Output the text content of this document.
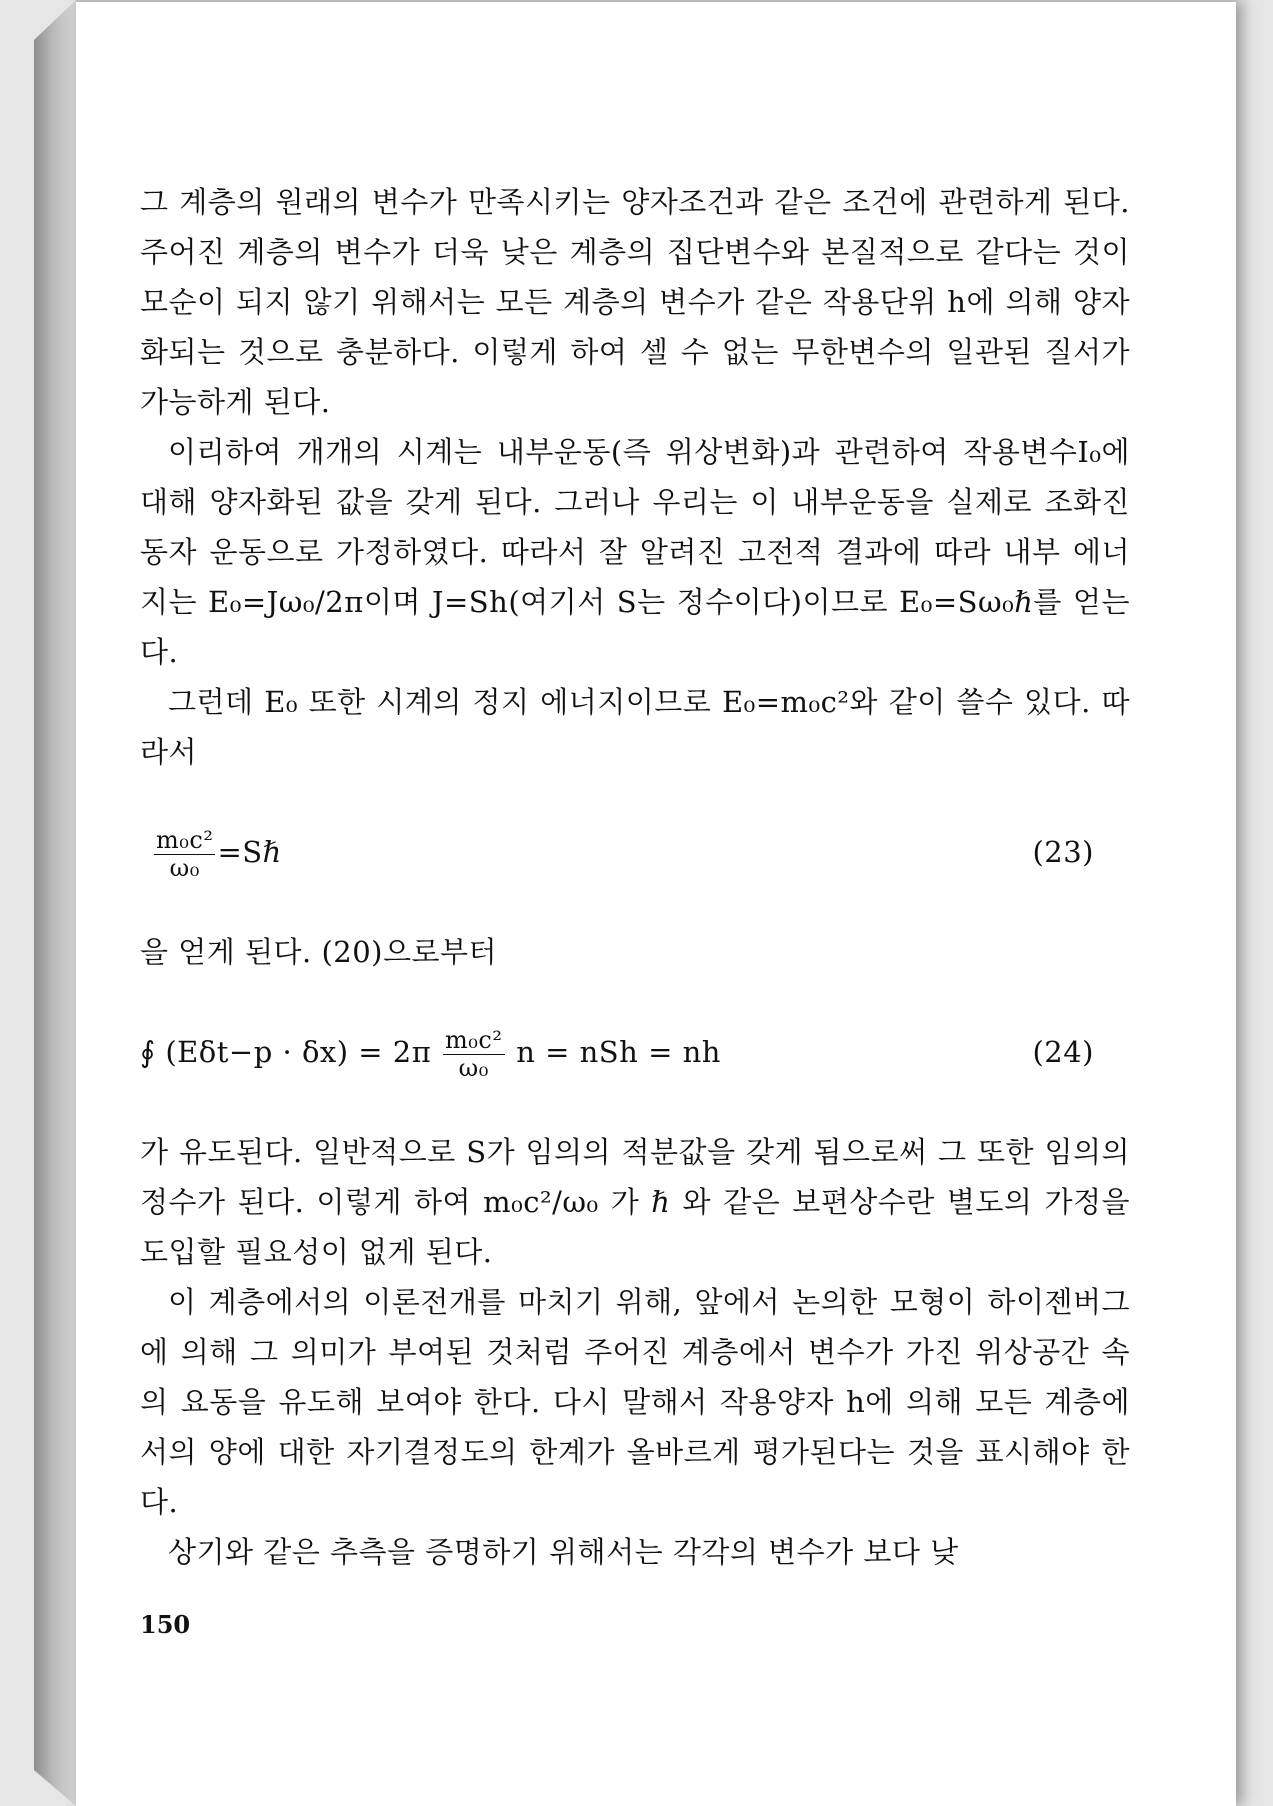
그 계층의 원래의 변수가 만족시키는 양자조건과 같은 조건에 관련하게 된다. 주어진 계층의 변수가 더욱 낮은 계층의 집단변수와 본질적으로 같다는 것이 모순이 되지 않기 위해서는 모든 계층의 변수가 같은 작용단위 h에 의해 양자화되는 것으로 충분하다. 이렇게 하여 셀 수 없는 무한변수의 일관된 질서가 가능하게 된다.

이리하여 개개의 시계는 내부운동(즉 위상변화)과 관련하여 작용변수I₀에 대해 양자화된 값을 갖게 된다. 그러나 우리는 이 내부운동을 실제로 조화진동자 운동으로 가정하였다. 따라서 잘 알려진 고전적 결과에 따라 내부 에너지는 E₀=Jω₀/2π이며 J=Sh(여기서 S는 정수이다)이므로 E₀=Sω₀ℏ를 얻는다.

그런데 E₀ 또한 시계의 정지 에너지이므로 E₀=m₀c²와 같이 쓸수 있다. 따라서

$\frac{\text{m₀c²}}{\text{ω₀}}$ =Sℏ	(23)

을 얻게 된다. (20)으로부터

∮ $(E\delta t-p \cdot \delta x) = 2\pi \frac{\text{m₀c²}}{\text{ω₀}}$ n = nSh = nh	(24)

가 유도된다. 일반적으로 S가 임의의 적분값을 갖게 됨으로써 그 또한 임의의정수가 된다. 이렇게 하여 m₀c²/ω₀ 가 ℏ 와 같은 보편상수란 별도의 가정을 도입할 필요성이 없게 된다.

이 계층에서의 이론전개를 마치기 위해, 앞에서 논의한 모형이 하이젠버그에 의해 그 의미가 부여된 것처럼 주어진 계층에서 변수가 가진 위상공간 속의 요동을 유도해 보여야 한다. 다시 말해서 작용양자 h에 의해 모든 계층에서의 양에 대한 자기결정도의 한계가 올바르게 평가된다는 것을 표시해야 한다.

상기와 같은 추측을 증명하기 위해서는 각각의 변수가 보다 낮

150
